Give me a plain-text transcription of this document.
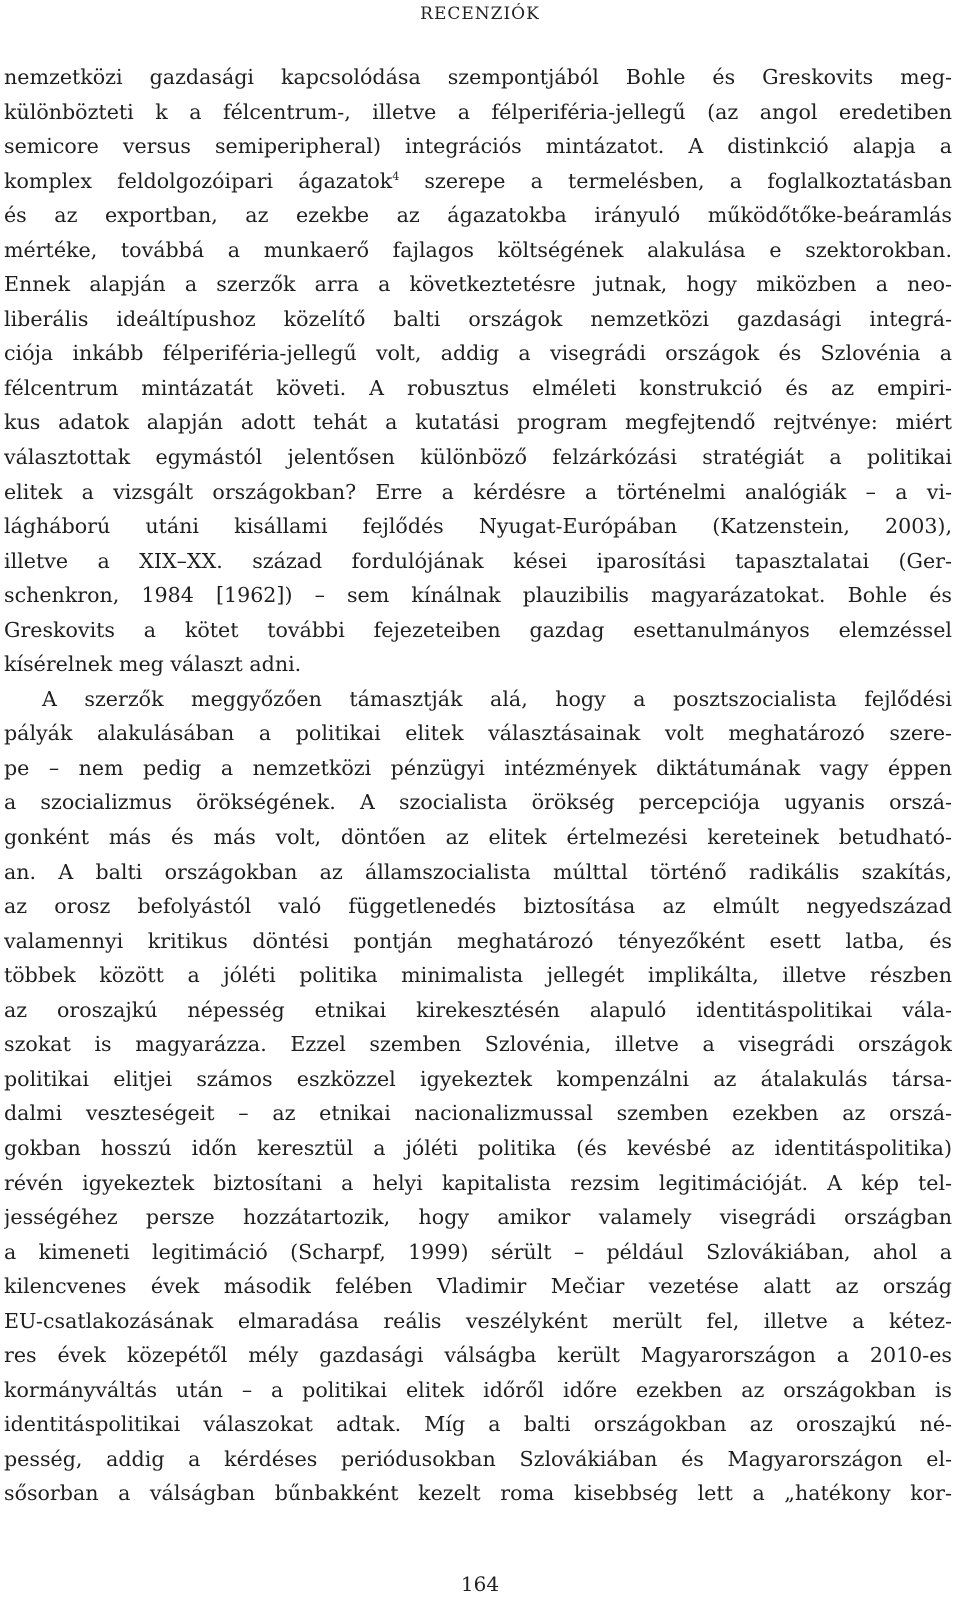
RECENZIÓK
nemzetközi gazdasági kapcsolódása szempontjából Bohle és Greskovits meg-
különbözteti k a félcentrum-, illetve a félperiféria-jellegű (az angol eredetiben
semicore versus semiperipheral) integrációs mintázatot. A distinkció alapja a
komplex feldolgozóipari ágazatok$^4$ szerepe a termelésben, a foglalkoztatásban
és az exportban, az ezekbe az ágazatokba irányuló működőtőke-beáramlás
mértéke, továbbá a munkaerő fajlagos költségének alakulása e szektorokban.
Ennek alapján a szerzők arra a következtetésre jutnak, hogy miközben a neo-
liberális ideáltípushoz közelítő balti országok nemzetközi gazdasági integrá-
ciója inkább félperiféria-jellegű volt, addig a visegrádi országok és Szlovénia a
félcentrum mintázatát követi. A robusztus elméleti konstrukció és az empiri-
kus adatok alapján adott tehát a kutatási program megfejtendő rejtvénye: miért
választottak egymástól jelentősen különböző felzárkózási stratégiát a politikai
elitek a vizsgált országokban? Erre a kérdésre a történelmi analógiák – a vi-
lágháború utáni kisállami fejlődés Nyugat-Európában (Katzenstein, 2003),
illetve a XIX–XX. század fordulójának kései iparosítási tapasztalatai (Ger-
schenkron, 1984 [1962]) – sem kínálnak plauzibilis magyarázatokat. Bohle és
Greskovits a kötet további fejezeteiben gazdag esettanulmányos elemzéssel
kísérelnek meg választ adni.
A szerzők meggyőzően támasztják alá, hogy a posztszocialista fejlődési
pályák alakulásában a politikai elitek választásainak volt meghatározó szere-
pe – nem pedig a nemzetközi pénzügyi intézmények diktátumának vagy éppen
a szocializmus örökségének. A szocialista örökség percepciója ugyanis orszá-
gonként más és más volt, döntően az elitek értelmezési kereteinek betudható-
an. A balti országokban az államszocialista múlttal történő radikális szakítás,
az orosz befolyástól való függetlenedés biztosítása az elmúlt negyedszázad
valamennyi kritikus döntési pontján meghatározó tényezőként esett latba, és
többek között a jóléti politika minimalista jellegét implikálta, illetve részben
az oroszajkú népesség etnikai kirekesztésén alapuló identitáspolitikai vála-
szokat is magyarázza. Ezzel szemben Szlovénia, illetve a visegrádi országok
politikai elitjei számos eszközzel igyekeztek kompenzálni az átalakulás társa-
dalmi veszteségeit – az etnikai nacionalizmussal szemben ezekben az orszá-
gokban hosszú időn keresztül a jóléti politika (és kevésbé az identitáspolitika)
révén igyekeztek biztosítani a helyi kapitalista rezsim legitimációját. A kép tel-
jességéhez persze hozzátartozik, hogy amikor valamely visegrádi országban
a kimeneti legitimáció (Scharpf, 1999) sérült – például Szlovákiában, ahol a
kilencvenes évek második felében Vladimir Mečiar vezetése alatt az ország
EU-csatlakozásának elmaradása reális veszélyként merült fel, illetve a kétez-
res évek közepétől mély gazdasági válságba került Magyarországon a 2010-es
kormányváltás után – a politikai elitek időről időre ezekben az országokban is
identitáspolitikai válaszokat adtak. Míg a balti országokban az oroszajkú né-
pesség, addig a kérdéses periódusokban Szlovákiában és Magyarországon el-
sősorban a válságban bűnbakként kezelt roma kisebbség lett a „hatékony kor-
164
